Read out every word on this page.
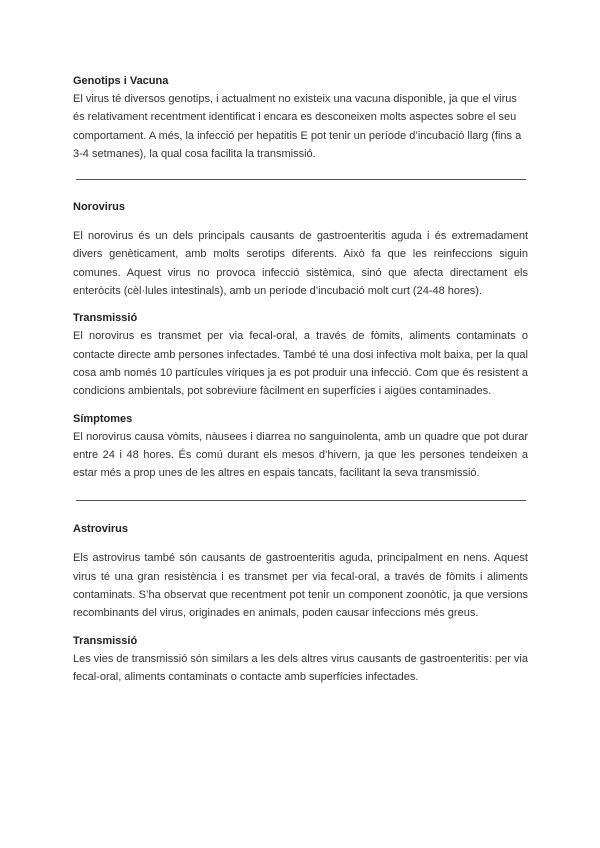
Genotips i Vacuna
El virus té diversos genotips, i actualment no existeix una vacuna disponible, ja que el virus és relativament recentment identificat i encara es desconeixen molts aspectes sobre el seu comportament. A més, la infecció per hepatitis E pot tenir un període d’incubació llarg (fins a 3-4 setmanes), la qual cosa facilita la transmissió.
Norovirus
El norovirus és un dels principals causants de gastroenteritis aguda i és extremadament divers genèticament, amb molts serotips diferents. Això fa que les reinfeccions siguin comunes. Aquest virus no provoca infecció sistèmica, sinó que afecta directament els enteròcits (cèl·lules intestinals), amb un període d’incubació molt curt (24-48 hores).
Transmissió
El norovirus es transmet per via fecal-oral, a través de fòmits, aliments contaminats o contacte directe amb persones infectades. També té una dosi infectiva molt baixa, per la qual cosa amb només 10 partícules víriques ja es pot produir una infecció. Com que és resistent a condicions ambientals, pot sobreviure fàcilment en superfícies i aigües contaminades.
Símptomes
El norovirus causa vòmits, nàusees i diarrea no sanguinolenta, amb un quadre que pot durar entre 24 i 48 hores. És comú durant els mesos d’hivern, ja que les persones tendeixen a estar més a prop unes de les altres en espais tancats, facilitant la seva transmissió.
Astrovirus
Els astrovirus també són causants de gastroenteritis aguda, principalment en nens. Aquest virus té una gran resistència i es transmet per via fecal-oral, a través de fòmits i aliments contaminats. S’ha observat que recentment pot tenir un component zoonòtic, ja que versions recombinants del virus, originades en animals, poden causar infeccions més greus.
Transmissió
Les vies de transmissió són similars a les dels altres virus causants de gastroenteritis: per via fecal-oral, aliments contaminats o contacte amb superfícies infectades.
